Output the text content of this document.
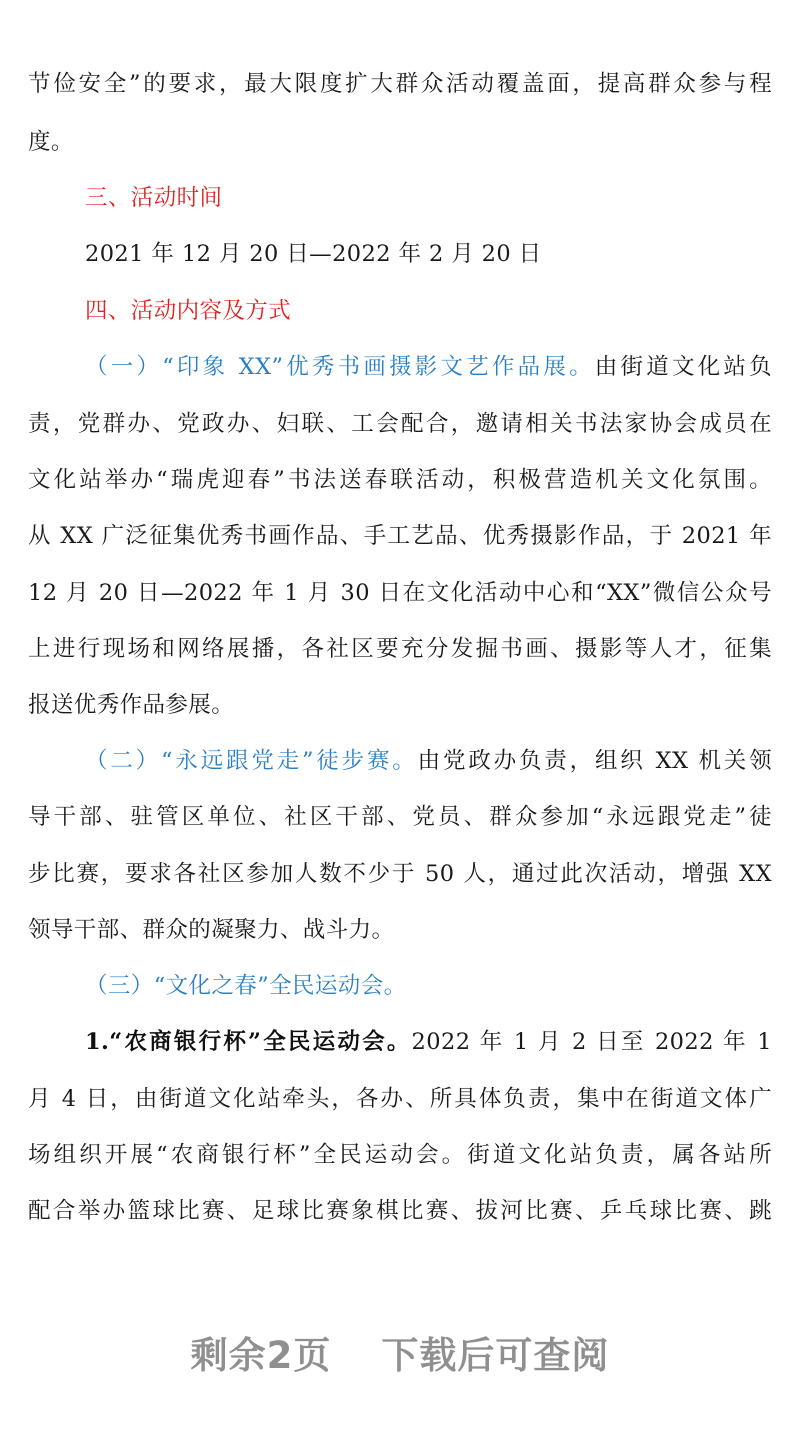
节俭安全”的要求，最大限度扩大群众活动覆盖面，提高群众参与程
度。
三、活动时间
2021 年 12 月 20 日—2022 年 2 月 20 日
四、活动内容及方式
（一）“印象 XX”优秀书画摄影文艺作品展。由街道文化站负
责，党群办、党政办、妇联、工会配合，邀请相关书法家协会成员在
文化站举办“瑞虎迎春”书法送春联活动，积极营造机关文化氛围。
从 XX 广泛征集优秀书画作品、手工艺品、优秀摄影作品，于 2021 年
12 月 20 日—2022 年 1 月 30 日在文化活动中心和“XX”微信公众号
上进行现场和网络展播，各社区要充分发掘书画、摄影等人才，征集
报送优秀作品参展。
（二）“永远跟党走”徒步赛。由党政办负责，组织 XX 机关领
导干部、驻管区单位、社区干部、党员、群众参加“永远跟党走”徒
步比赛，要求各社区参加人数不少于 50 人，通过此次活动，增强 XX
领导干部、群众的凝聚力、战斗力。
（三）“文化之春”全民运动会。
1.“农商银行杯”全民运动会。2022 年 1 月 2 日至 2022 年 1
月 4 日，由街道文化站牵头，各办、所具体负责，集中在街道文体广
场组织开展“农商银行杯”全民运动会。街道文化站负责，属各站所
配合举办篮球比赛、足球比赛象棋比赛、拔河比赛、乒乓球比赛、跳
剩余2页 下载后可查阅
